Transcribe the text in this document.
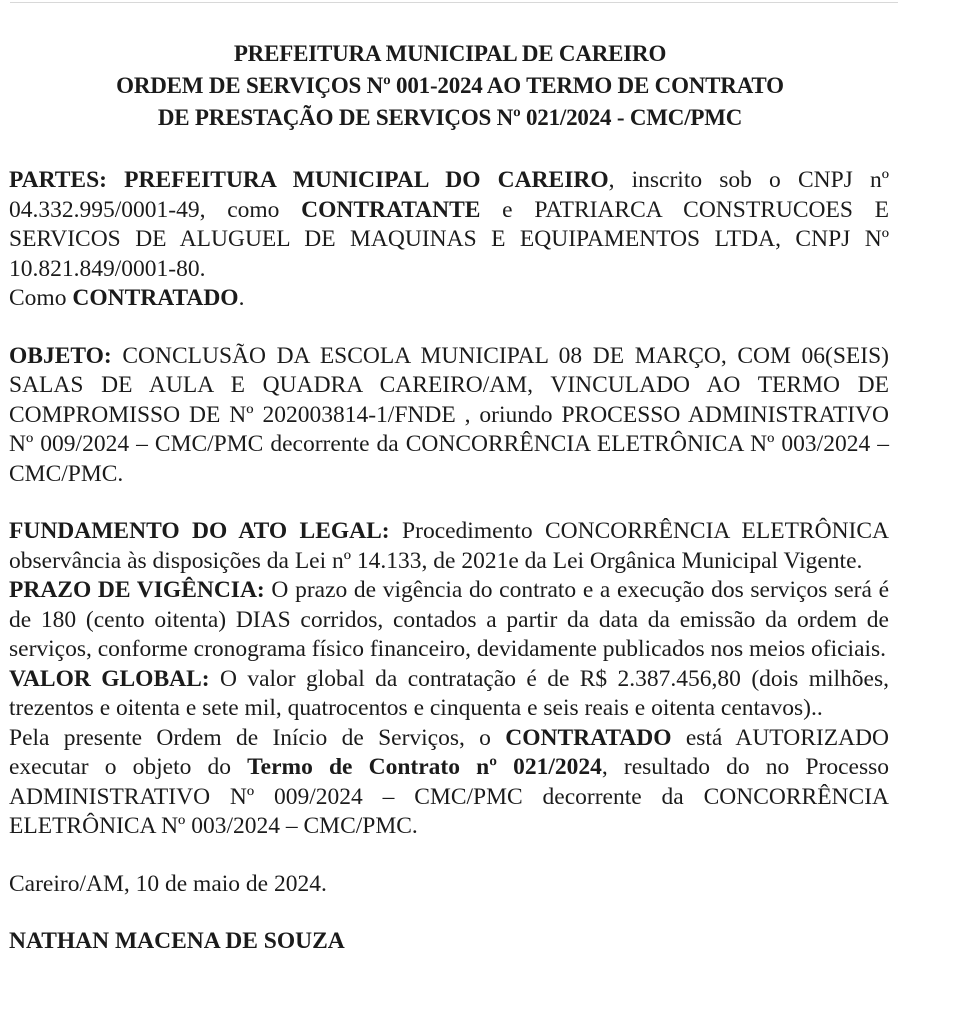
PREFEITURA MUNICIPAL DE CAREIRO
ORDEM DE SERVIÇOS Nº 001-2024 AO TERMO DE CONTRATO
DE PRESTAÇÃO DE SERVIÇOS Nº 021/2024 - CMC/PMC

PARTES: PREFEITURA MUNICIPAL DO CAREIRO, inscrito sob o CNPJ nº 04.332.995/0001-49, como CONTRATANTE e PATRIARCA CONSTRUCOES E SERVICOS DE ALUGUEL DE MAQUINAS E EQUIPAMENTOS LTDA, CNPJ Nº 10.821.849/0001-80.
Como CONTRATADO.

OBJETO: CONCLUSÃO DA ESCOLA MUNICIPAL 08 DE MARÇO, COM 06(SEIS) SALAS DE AULA E QUADRA CAREIRO/AM, VINCULADO AO TERMO DE COMPROMISSO DE Nº 202003814-1/FNDE , oriundo PROCESSO ADMINISTRATIVO Nº 009/2024 – CMC/PMC decorrente da CONCORRÊNCIA ELETRÔNICA Nº 003/2024 – CMC/PMC.

FUNDAMENTO DO ATO LEGAL: Procedimento CONCORRÊNCIA ELETRÔNICA observância às disposições da Lei nº 14.133, de 2021e da Lei Orgânica Municipal Vigente.

PRAZO DE VIGÊNCIA: O prazo de vigência do contrato e a execução dos serviços será é de 180 (cento oitenta) DIAS corridos, contados a partir da data da emissão da ordem de serviços, conforme cronograma físico financeiro, devidamente publicados nos meios oficiais.

VALOR GLOBAL: O valor global da contratação é de R$ 2.387.456,80 (dois milhões, trezentos e oitenta e sete mil, quatrocentos e cinquenta e seis reais e oitenta centavos)..

Pela presente Ordem de Início de Serviços, o CONTRATADO está AUTORIZADO executar o objeto do Termo de Contrato nº 021/2024, resultado do no Processo ADMINISTRATIVO Nº 009/2024 – CMC/PMC decorrente da CONCORRÊNCIA ELETRÔNICA Nº 003/2024 – CMC/PMC.

Careiro/AM, 10 de maio de 2024.

NATHAN MACENA DE SOUZA
